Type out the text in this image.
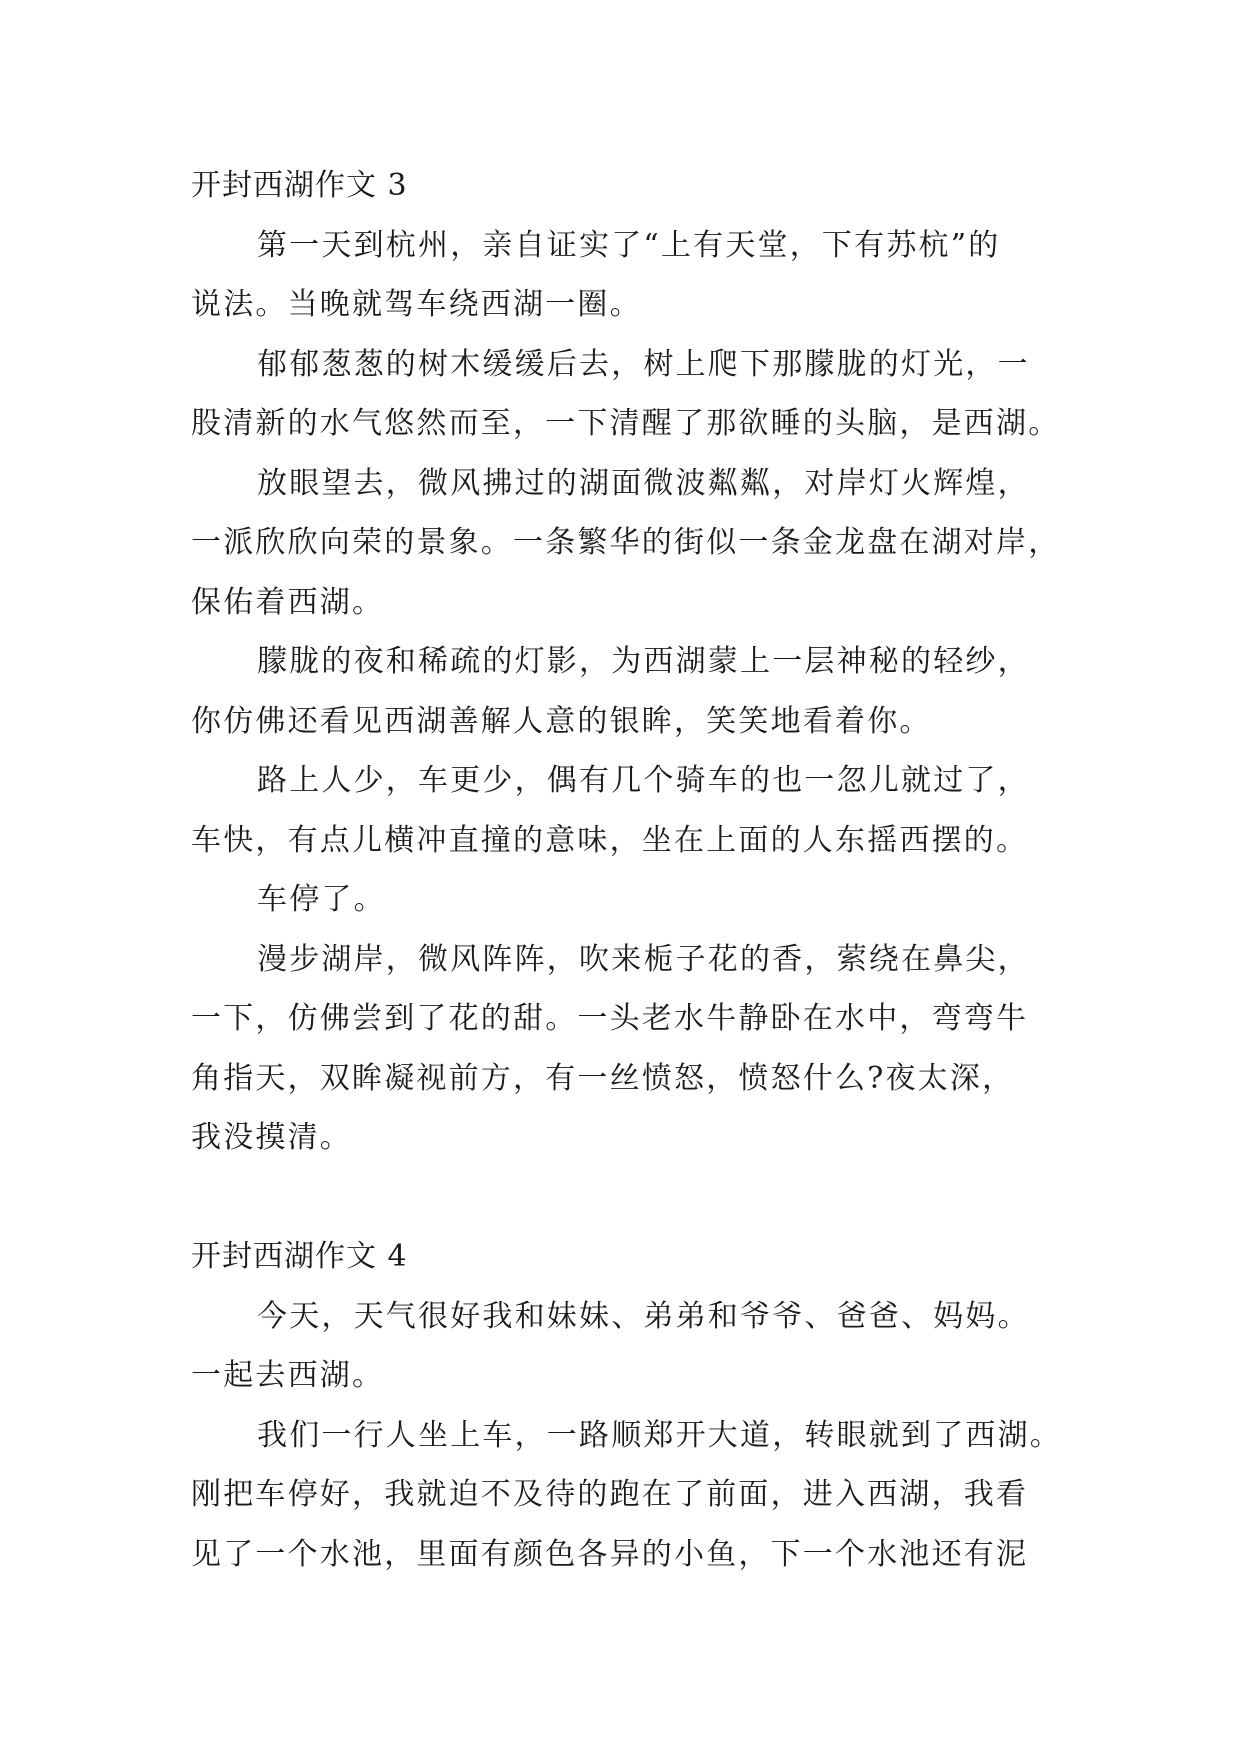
开封西湖作文 3
第一天到杭州，亲自证实了“上有天堂，下有苏杭”的
说法。当晚就驾车绕西湖一圈。
郁郁葱葱的树木缓缓后去，树上爬下那朦胧的灯光，一
股清新的水气悠然而至，一下清醒了那欲睡的头脑，是西湖。
放眼望去，微风拂过的湖面微波粼粼，对岸灯火辉煌，
一派欣欣向荣的景象。一条繁华的街似一条金龙盘在湖对岸，
保佑着西湖。
朦胧的夜和稀疏的灯影，为西湖蒙上一层神秘的轻纱，
你仿佛还看见西湖善解人意的银眸，笑笑地看着你。
路上人少，车更少，偶有几个骑车的也一忽儿就过了，
车快，有点儿横冲直撞的意味，坐在上面的人东摇西摆的。
车停了。
漫步湖岸，微风阵阵，吹来栀子花的香，萦绕在鼻尖，
一下，仿佛尝到了花的甜。一头老水牛静卧在水中，弯弯牛
角指天，双眸凝视前方，有一丝愤怒，愤怒什么?夜太深，
我没摸清。
开封西湖作文 4
今天，天气很好我和妹妹、弟弟和爷爷、爸爸、妈妈。
一起去西湖。
我们一行人坐上车，一路顺郑开大道，转眼就到了西湖。
刚把车停好，我就迫不及待的跑在了前面，进入西湖，我看
见了一个水池，里面有颜色各异的小鱼，下一个水池还有泥
